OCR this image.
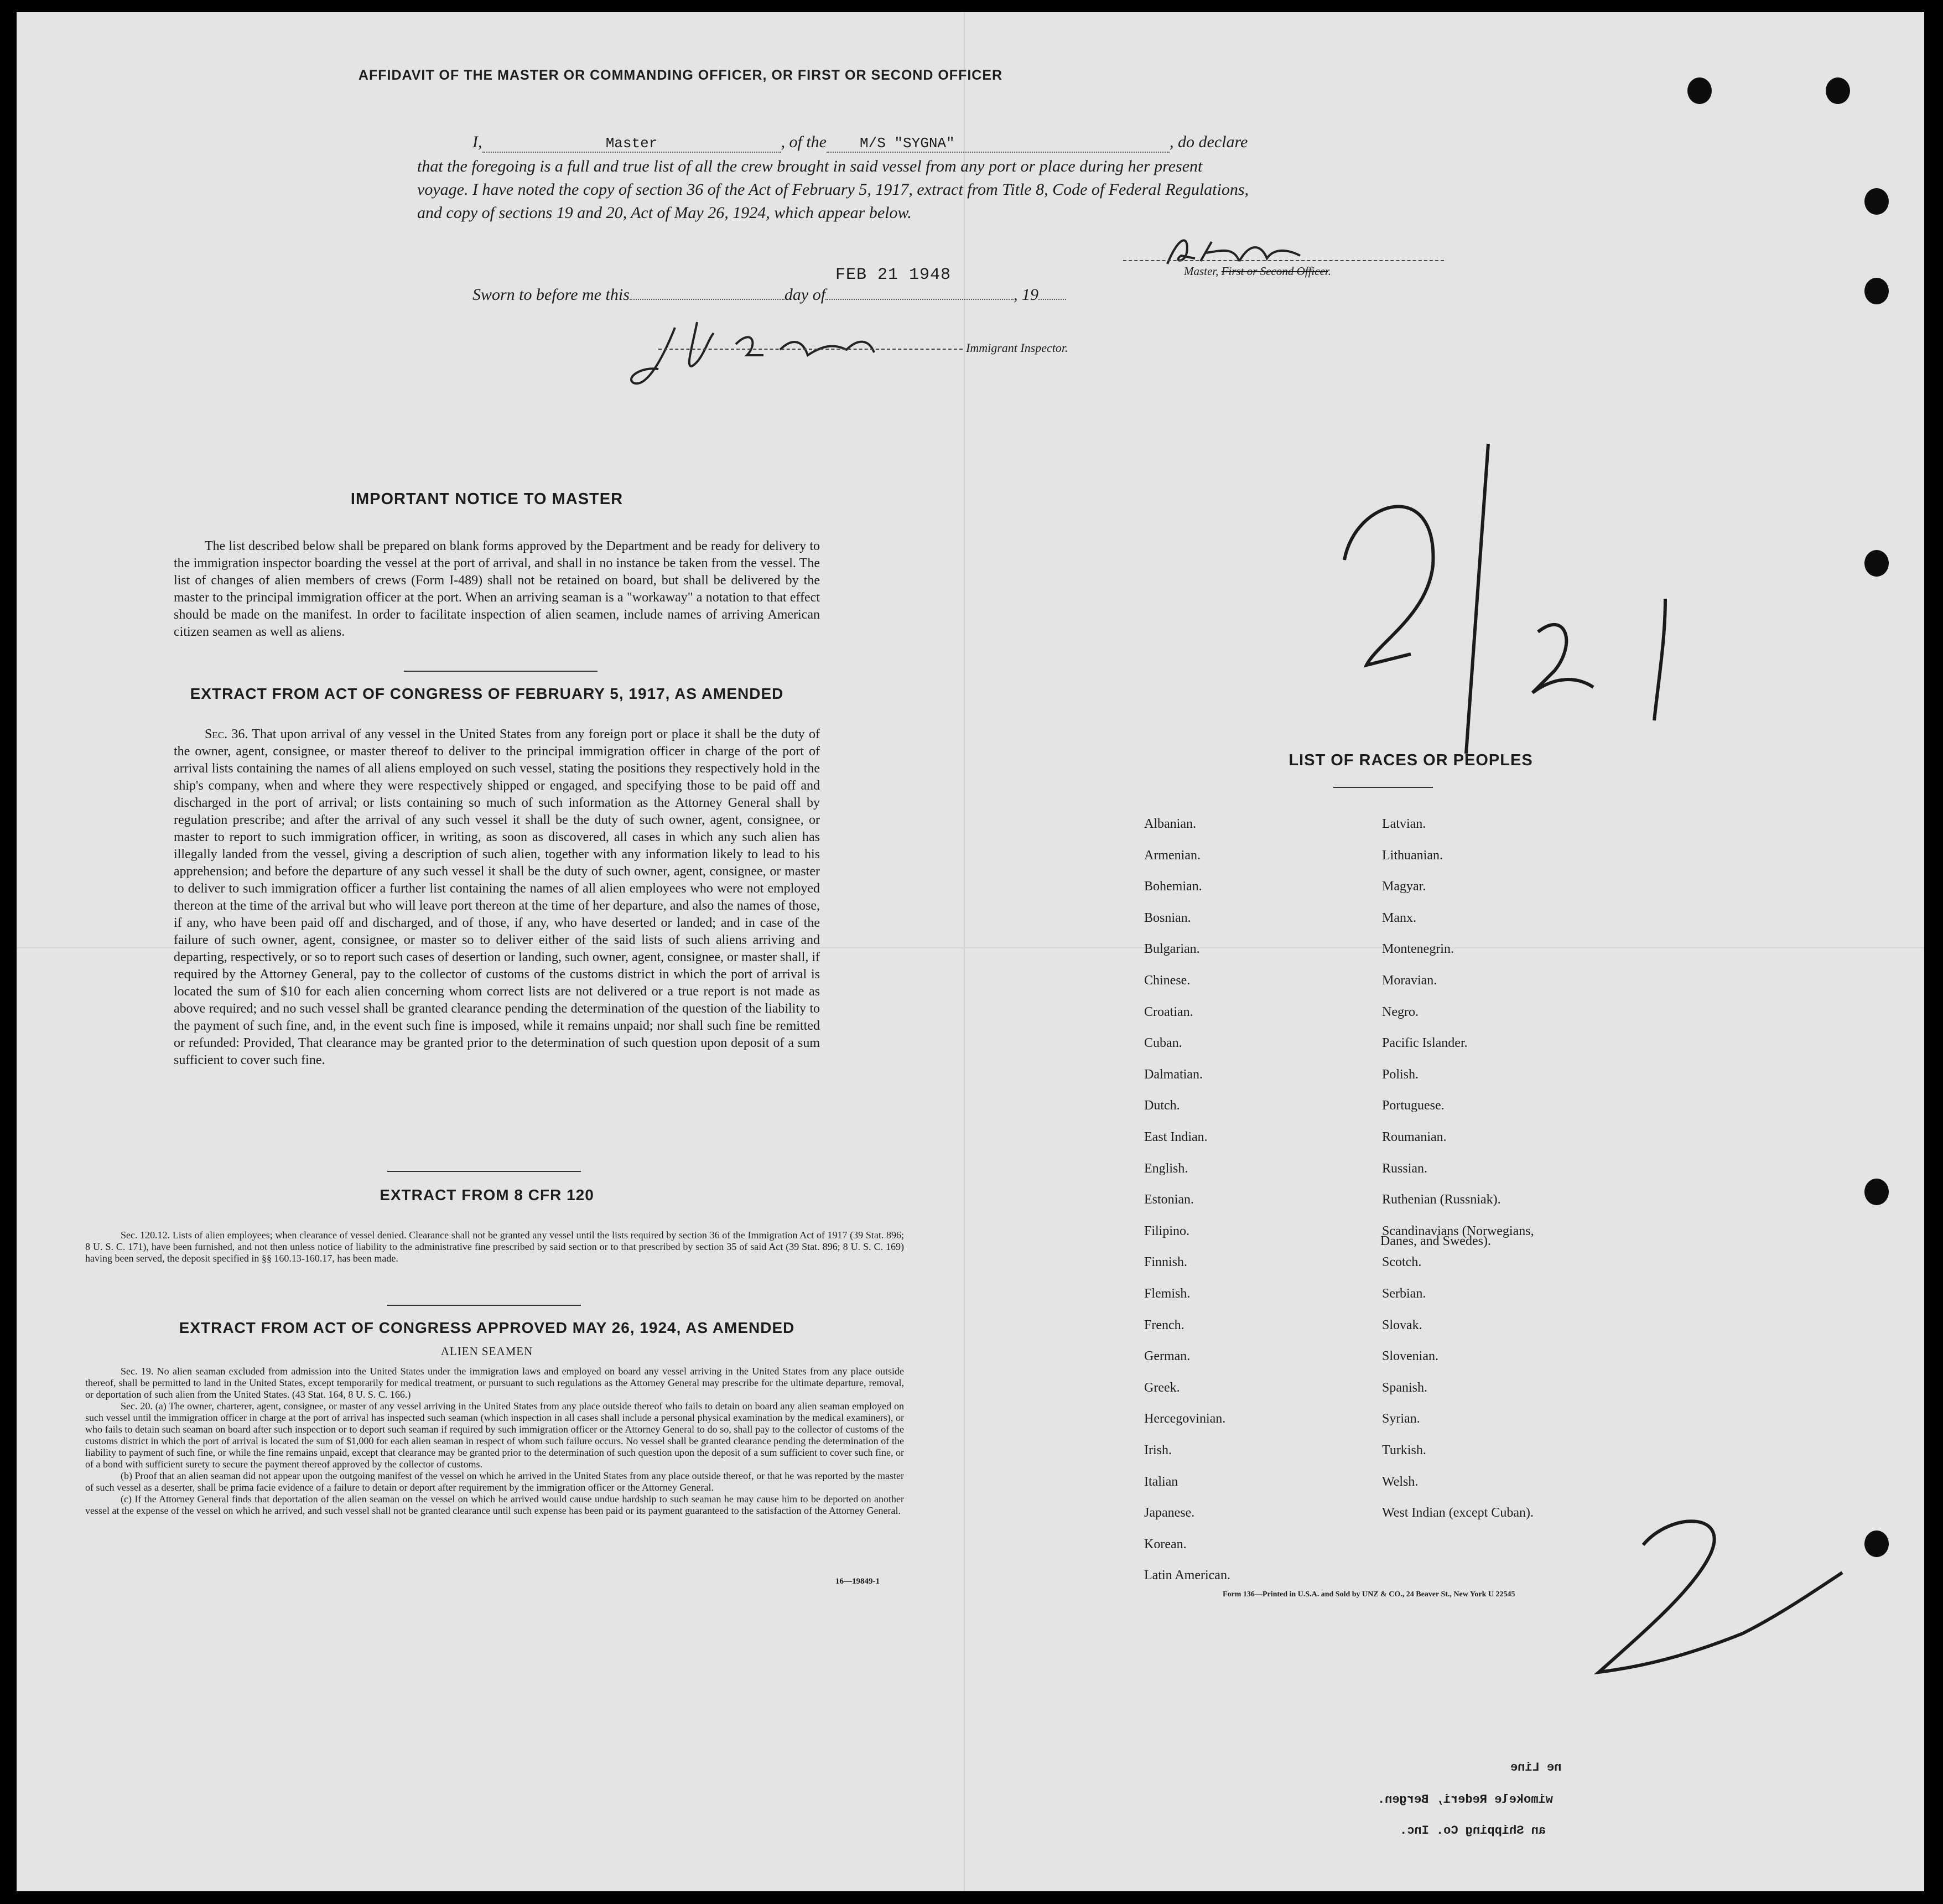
AFFIDAVIT OF THE MASTER OR COMMANDING OFFICER, OR FIRST OR SECOND OFFICER
I,	Master	, of the M/S "SYGNA"	, do declare
that the foregoing is a full and true list of all the crew brought in said vessel from any port or place during her present
voyage. I have noted the copy of section 36 of the Act of February 5, 1917, extract from Title 8, Code of Federal Regulations,
and copy of sections 19 and 20, Act of May 26, 1924, which appear below.
Master, First or Second Officer.
FEB 21 1948
Sworn to before me this	day of	, 19
Immigrant Inspector.
IMPORTANT NOTICE TO MASTER
The list described below shall be prepared on blank forms approved by the Department and be ready for delivery to the immigration inspector boarding the vessel at the port of arrival, and shall in no instance be taken from the vessel. The list of changes of alien members of crews (Form I-489) shall not be retained on board, but shall be delivered by the master to the principal immigration officer at the port. When an arriving seaman is a "workaway" a notation to that effect should be made on the manifest. In order to facilitate inspection of alien seamen, include names of arriving American citizen seamen as well as aliens.
EXTRACT FROM ACT OF CONGRESS OF FEBRUARY 5, 1917, AS AMENDED
Sec. 36. That upon arrival of any vessel in the United States from any foreign port or place it shall be the duty of the owner, agent, consignee, or master thereof to deliver to the principal immigration officer in charge of the port of arrival lists containing the names of all aliens employed on such vessel, stating the positions they respectively hold in the ship's company, when and where they were respectively shipped or engaged, and specifying those to be paid off and discharged in the port of arrival; or lists containing so much of such information as the Attorney General shall by regulation prescribe; and after the arrival of any such vessel it shall be the duty of such owner, agent, consignee, or master to report to such immigration officer, in writing, as soon as discovered, all cases in which any such alien has illegally landed from the vessel, giving a description of such alien, together with any information likely to lead to his apprehension; and before the departure of any such vessel it shall be the duty of such owner, agent, consignee, or master to deliver to such immigration officer a further list containing the names of all alien employees who were not employed thereon at the time of the arrival but who will leave port thereon at the time of her departure, and also the names of those, if any, who have been paid off and discharged, and of those, if any, who have deserted or landed; and in case of the failure of such owner, agent, consignee, or master so to deliver either of the said lists of such aliens arriving and departing, respectively, or so to report such cases of desertion or landing, such owner, agent, consignee, or master shall, if required by the Attorney General, pay to the collector of customs of the customs district in which the port of arrival is located the sum of $10 for each alien concerning whom correct lists are not delivered or a true report is not made as above required; and no such vessel shall be granted clearance pending the determination of the question of the liability to the payment of such fine, and, in the event such fine is imposed, while it remains unpaid; nor shall such fine be remitted or refunded: Provided, That clearance may be granted prior to the determination of such question upon deposit of a sum sufficient to cover such fine.
EXTRACT FROM 8 CFR 120
Sec. 120.12. Lists of alien employees; when clearance of vessel denied. Clearance shall not be granted any vessel until the lists required by section 36 of the Immigration Act of 1917 (39 Stat. 896; 8 U. S. C. 171), have been furnished, and not then unless notice of liability to the administrative fine prescribed by said section or to that prescribed by section 35 of said Act (39 Stat. 896; 8 U. S. C. 169) having been served, the deposit specified in §§ 160.13-160.17, has been made.
EXTRACT FROM ACT OF CONGRESS APPROVED MAY 26, 1924, AS AMENDED
ALIEN SEAMEN
Sec. 19. No alien seaman excluded from admission into the United States under the immigration laws and employed on board any vessel arriving in the United States from any place outside thereof, shall be permitted to land in the United States, except temporarily for medical treatment, or pursuant to such regulations as the Attorney General may prescribe for the ultimate departure, removal, or deportation of such alien from the United States. (43 Stat. 164, 8 U. S. C. 166.)
Sec. 20. (a) The owner, charterer, agent, consignee, or master of any vessel arriving in the United States from any place outside thereof who fails to detain on board any alien seaman employed on such vessel until the immigration officer in charge at the port of arrival has inspected such seaman (which inspection in all cases shall include a personal physical examination by the medical examiners), or who fails to detain such seaman on board after such inspection or to deport such seaman if required by such immigration officer or the Attorney General to do so, shall pay to the collector of customs of the customs district in which the port of arrival is located the sum of $1,000 for each alien seaman in respect of whom such failure occurs. No vessel shall be granted clearance pending the determination of the liability to payment of such fine, or while the fine remains unpaid, except that clearance may be granted prior to the determination of such question upon the deposit of a sum sufficient to cover such fine, or of a bond with sufficient surety to secure the payment thereof approved by the collector of customs.
(b) Proof that an alien seaman did not appear upon the outgoing manifest of the vessel on which he arrived in the United States from any place outside thereof, or that he was reported by the master of such vessel as a deserter, shall be prima facie evidence of a failure to detain or deport after requirement by the immigration officer or the Attorney General.
(c) If the Attorney General finds that deportation of the alien seaman on the vessel on which he arrived would cause undue hardship to such seaman he may cause him to be deported on another vessel at the expense of the vessel on which he arrived, and such vessel shall not be granted clearance until such expense has been paid or its payment guaranteed to the satisfaction of the Attorney General.
16—19849-1
LIST OF RACES OR PEOPLES
Albanian.
Armenian.
Bohemian.
Bosnian.
Bulgarian.
Chinese.
Croatian.
Cuban.
Dalmatian.
Dutch.
East Indian.
English.
Estonian.
Filipino.
Finnish.
Flemish.
French.
German.
Greek.
Hercegovinian.
Irish.
Italian
Japanese.
Korean.
Latin American.
Latvian.
Lithuanian.
Magyar.
Manx.
Montenegrin.
Moravian.
Negro.
Pacific Islander.
Polish.
Portuguese.
Roumanian.
Russian.
Ruthenian (Russniak).
Scandinavians (Norwegians,
Scotch.
Serbian.
Slovak.
Slovenian.
Spanish.
Syrian.
Turkish.
Welsh.
West Indian (except Cuban).
Danes, and Swedes).
Form 136—Printed in U.S.A. and Sold by UNZ & CO., 24 Beaver St., New York U 22545
ne Line
wimokele Rederi, Bergen.
an Shipping Co. Inc.
